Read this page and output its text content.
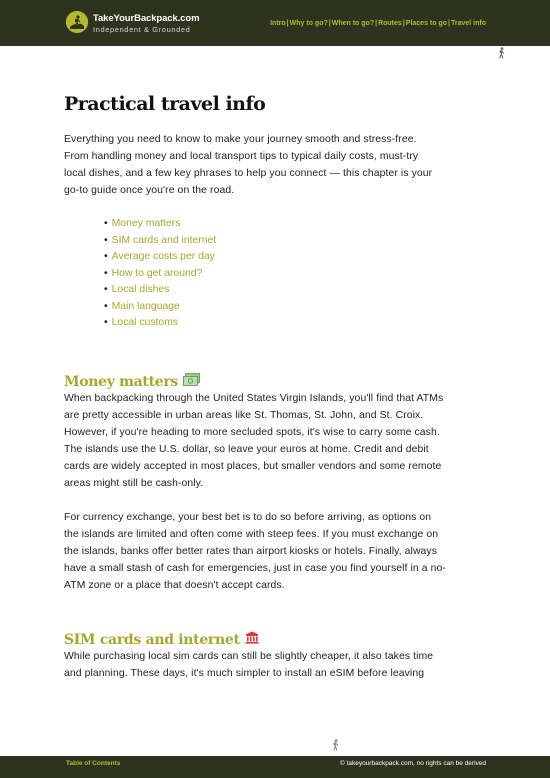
TakeYourBackpack.com
Independent & Grounded
Intro | Why to go? | When to go? | Routes | Places to go | Travel info
Practical travel info
Everything you need to know to make your journey smooth and stress-free.
From handling money and local transport tips to typical daily costs, must-try
local dishes, and a few key phrases to help you connect — this chapter is your
go-to guide once you're on the road.
• Money matters
• SIM cards and internet
• Average costs per day
• How to get around?
• Local dishes
• Main language
• Local customs
Money matters
When backpacking through the United States Virgin Islands, you'll find that ATMs
are pretty accessible in urban areas like St. Thomas, St. John, and St. Croix.
However, if you're heading to more secluded spots, it's wise to carry some cash.
The islands use the U.S. dollar, so leave your euros at home. Credit and debit
cards are widely accepted in most places, but smaller vendors and some remote
areas might still be cash-only.
For currency exchange, your best bet is to do so before arriving, as options on
the islands are limited and often come with steep fees. If you must exchange on
the islands, banks offer better rates than airport kiosks or hotels. Finally, always
have a small stash of cash for emergencies, just in case you find yourself in a no-
ATM zone or a place that doesn't accept cards.
SIM cards and internet
While purchasing local sim cards can still be slightly cheaper, it also takes time
and planning. These days, it's much simpler to install an eSIM before leaving
Table of Contents	© takeyourbackpack.com, no rights can be derived
